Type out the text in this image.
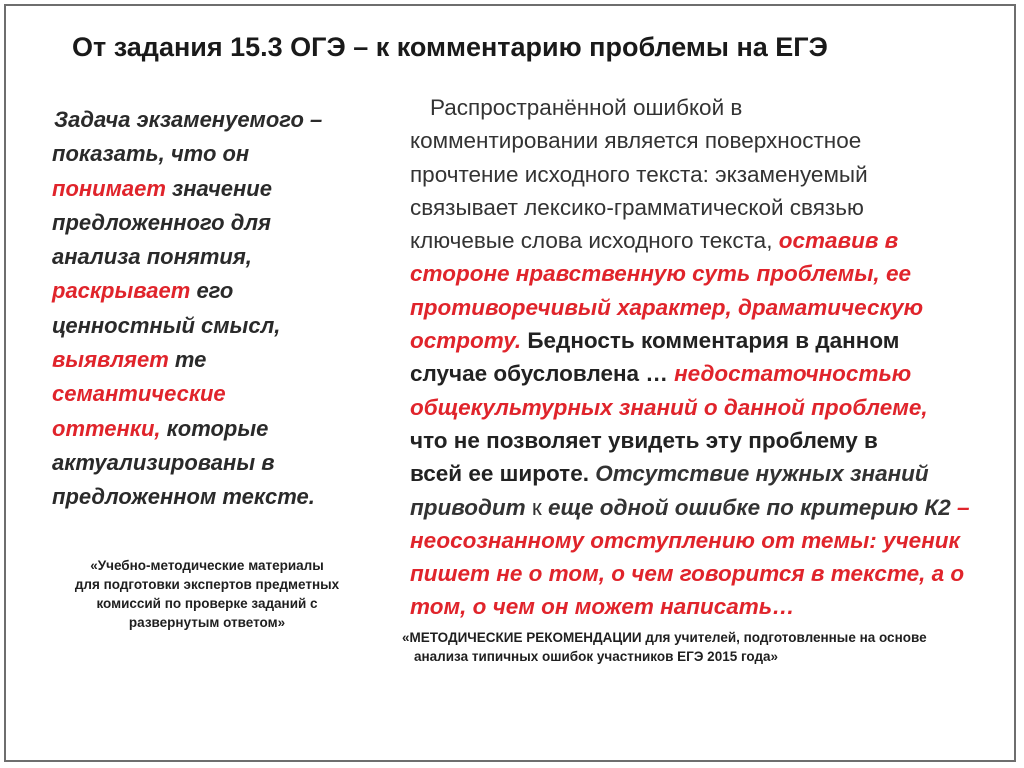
От задания 15.3 ОГЭ – к комментарию проблемы на ЕГЭ
Задача экзаменуемого –
показать, что он
понимает значение
предложенного для
анализа понятия,
раскрывает его
ценностный смысл,
выявляет те
семантические
оттенки, которые
актуализированы в
предложенном тексте.
«Учебно-методические материалы
для подготовки экспертов предметных
комиссий по проверке заданий с
развернутым ответом»
Распространённой ошибкой в
комментировании является поверхностное
прочтение исходного текста: экзаменуемый
связывает лексико-грамматической связью
ключевые слова исходного текста, оставив в
стороне нравственную суть проблемы, ее
противоречивый характер, драматическую
остроту. Бедность комментария в данном
случае обусловлена … недостаточностью
общекультурных знаний о данной проблеме,
что не позволяет увидеть эту проблему в
всей ее широте. Отсутствие нужных знаний
приводит к еще одной ошибке по критерию К2 –
неосознанному отступлению от темы: ученик
пишет не о том, о чем говорится в тексте, а о
том, о чем он может написать…
«МЕТОДИЧЕСКИЕ РЕКОМЕНДАЦИИ для учителей, подготовленные на основе
анализа типичных ошибок участников ЕГЭ 2015 года»
